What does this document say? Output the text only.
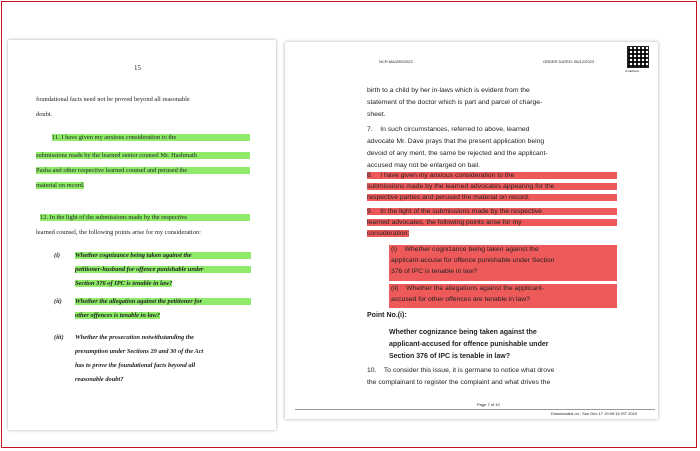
15
foundational facts need not be proved beyond all reasonable
doubt.
11. I have given my anxious consideration to the
submissions made by the learned senior counsel Mr. Hashmath
Pasha and other respective learned counsel and perused the
material on record.
12. In the light of the submissions made by the respective
learned counsel, the following points arise for my consideration:
(i) Whether cognizance being taken against the
petitioner-husband for offence punishable under
Section 376 of IPC is tenable in law?
(ii) Whether the allegation against the petitioner for
other offences is tenable in law?
(iii) Whether the prosecution notwithstanding the
presumption under Sections 29 and 30 of the Act
has to prove the foundational facts beyond all
reasonable doubt?
NCR:MA/295/2023	ORDER DATED: 08/12/2023
Undefined
birth to a child by her in-laws which is evident from the
statement of the doctor which is part and parcel of charge-
sheet.
7.    In such circumstances, referred to above, learned
advocate Mr. Dave prays that the present application being
devoid of any merit, the same be rejected and the applicant-
accused may not be enlarged on bail.
8.    I have given my anxious consideration to the
submissions made by the learned advocates appearing for the
respective parties and perused the material on record.
9.    In the light of the submissions made by the respective
learned advocates, the following points arise for my
consideration:
(i)    Whether cognizance being taken against the
applicant-accuse for offence punishable under Section
376 of IPC is tenable in law?
(ii)    Whether the allegations against the applicant-
accused for other offences are tenable in law?
Point No.(i):
Whether cognizance being taken against the
applicant-accused for offence punishable under
Section 376 of IPC is tenable in law?
10.    To consider this issue, it is germane to notice what drove
the complainant to register the complaint and what drives the
Page 7 of 10
Downloaded on : Sun Dec 17 19:00:15 IST 2023
